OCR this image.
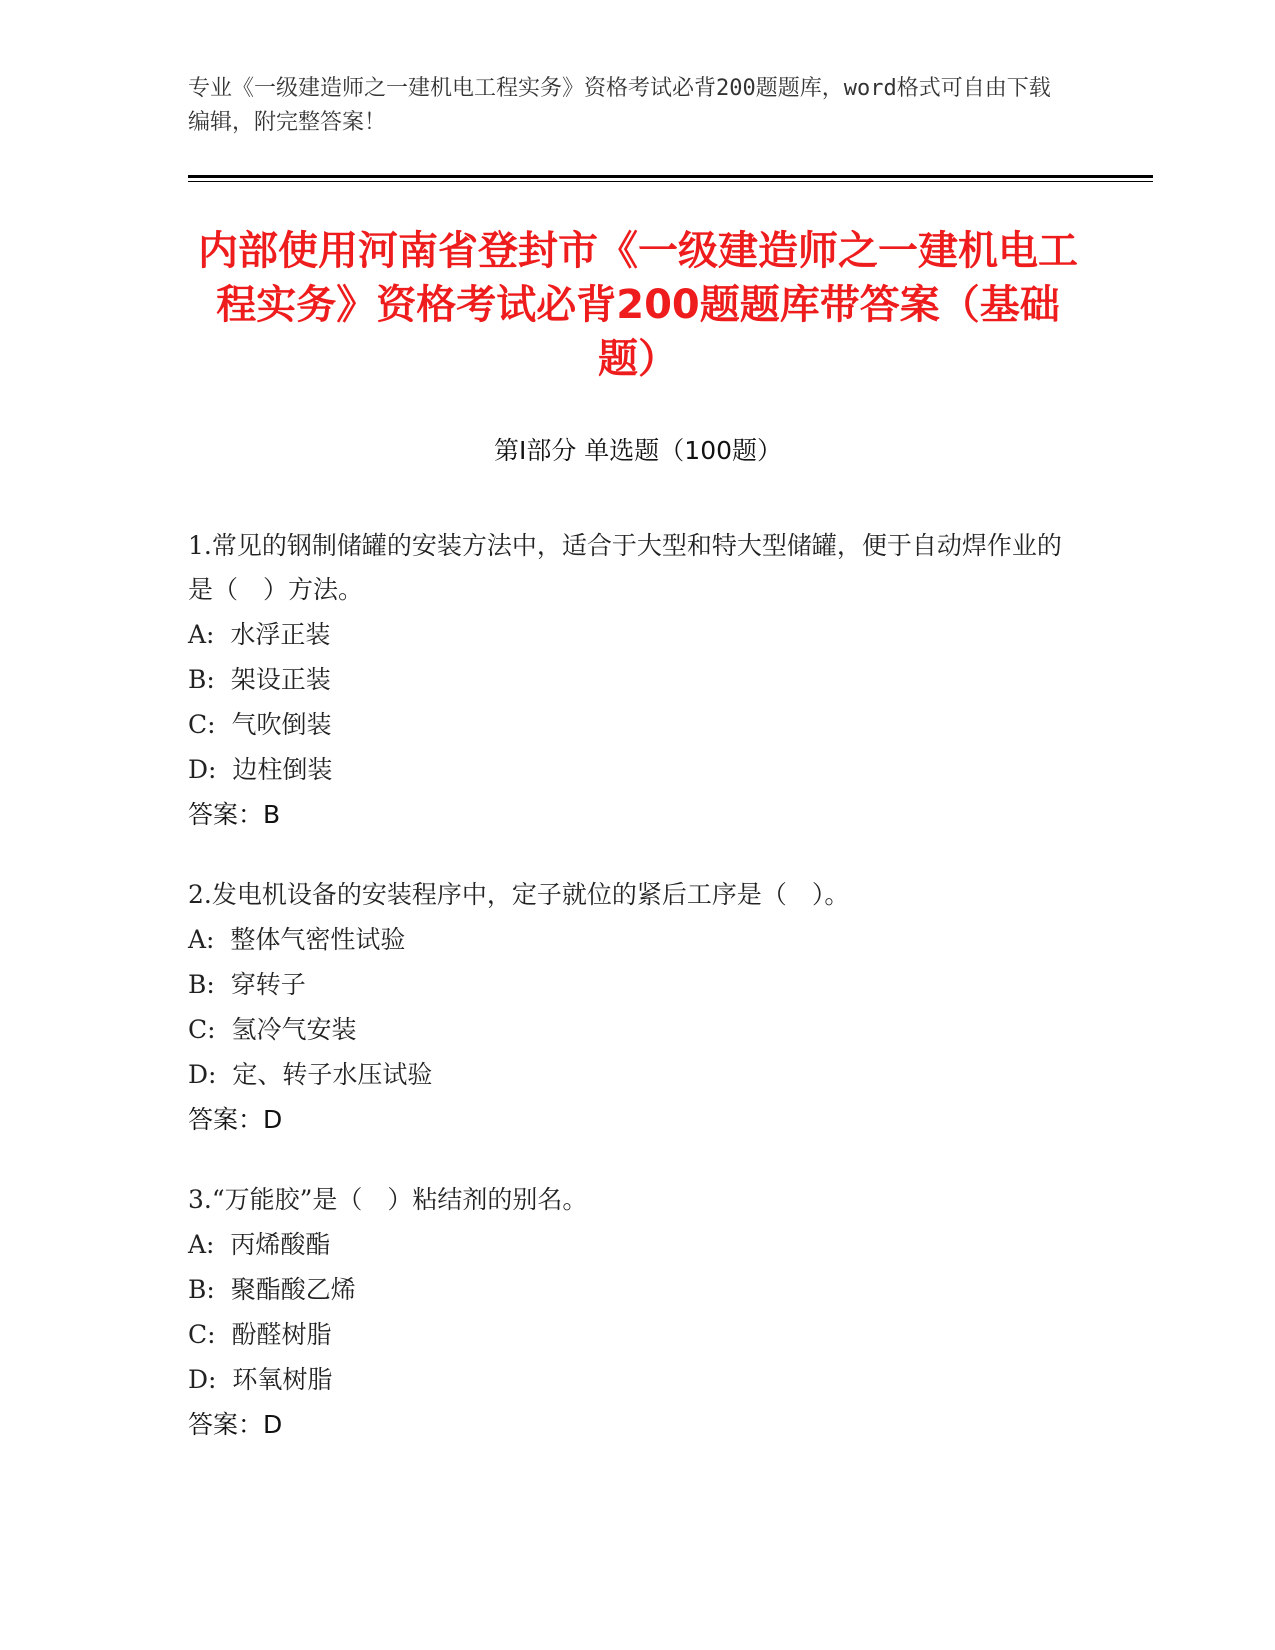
专业《一级建造师之一建机电工程实务》资格考试必背200题题库，word格式可自由下载编辑，附完整答案！
内部使用河南省登封市《一级建造师之一建机电工程实务》资格考试必背200题题库带答案（基础题）
第I部分 单选题（100题）
1.常见的钢制储罐的安装方法中，适合于大型和特大型储罐，便于自动焊作业的是（　）方法。
A:  水浮正装
B:  架设正装
C:  气吹倒装
D:  边柱倒装
答案：B
2.发电机设备的安装程序中，定子就位的紧后工序是（　）。
A:  整体气密性试验
B:  穿转子
C:  氢冷气安装
D:  定、转子水压试验
答案：D
3.“万能胶”是（　）粘结剂的别名。
A:  丙烯酸酯
B:  聚酯酸乙烯
C:  酚醛树脂
D:  环氧树脂
答案：D
